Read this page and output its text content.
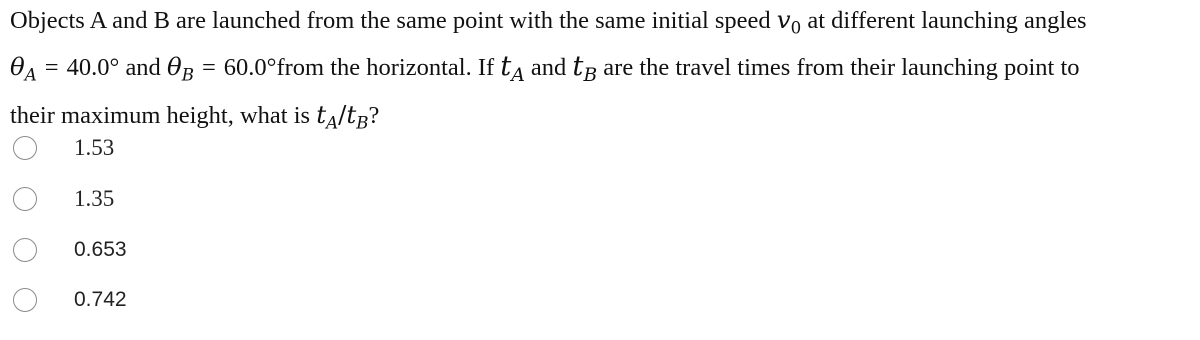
Objects A and B are launched from the same point with the same initial speed $v_0$ at different launching angles
$\theta_A = 40.0^\circ$ and $\theta_B$ = 60.0°from the horizontal. If $t_A$ and $t_B$ are the travel times from their launching point to
their maximum height, what is $t_A/t_B$?
1.53
1.35
0.653
0.742
